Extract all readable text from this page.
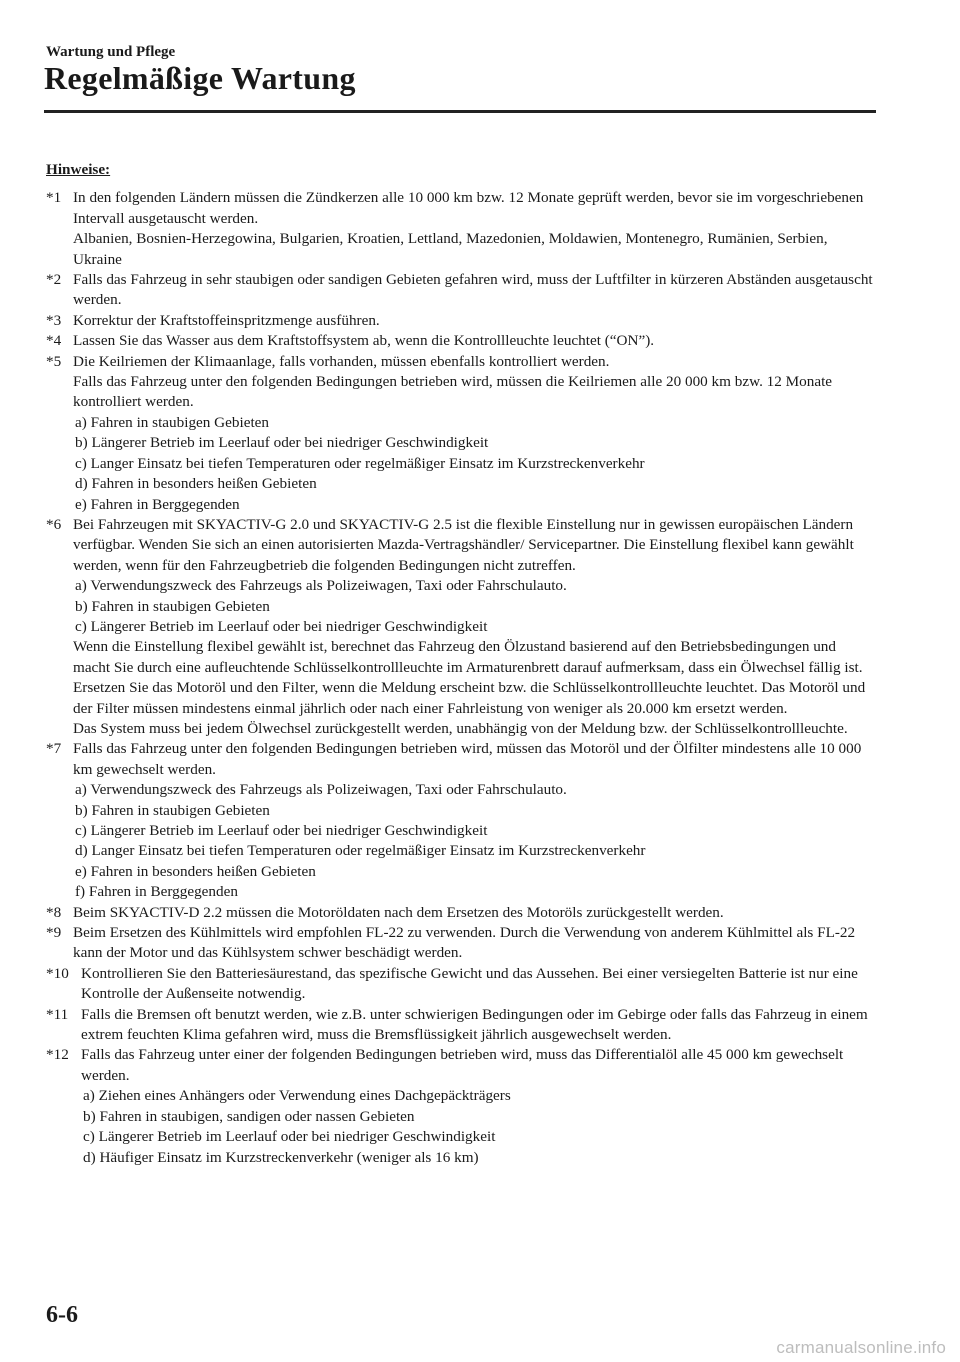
Wartung und Pflege
Regelmäßige Wartung
Hinweise:
*1 In den folgenden Ländern müssen die Zündkerzen alle 10 000 km bzw. 12 Monate geprüft werden, bevor sie im vorgeschriebenen Intervall ausgetauscht werden.
Albanien, Bosnien-Herzegowina, Bulgarien, Kroatien, Lettland, Mazedonien, Moldawien, Montenegro, Rumänien, Serbien, Ukraine
*2 Falls das Fahrzeug in sehr staubigen oder sandigen Gebieten gefahren wird, muss der Luftfilter in kürzeren Abständen ausgetauscht werden.
*3 Korrektur der Kraftstoffeinspritzmenge ausführen.
*4 Lassen Sie das Wasser aus dem Kraftstoffsystem ab, wenn die Kontrollleuchte leuchtet (“ON”).
*5 Die Keilriemen der Klimaanlage, falls vorhanden, müssen ebenfalls kontrolliert werden.
Falls das Fahrzeug unter den folgenden Bedingungen betrieben wird, müssen die Keilriemen alle 20 000 km bzw. 12 Monate kontrolliert werden.
a) Fahren in staubigen Gebieten
b) Längerer Betrieb im Leerlauf oder bei niedriger Geschwindigkeit
c) Langer Einsatz bei tiefen Temperaturen oder regelmäßiger Einsatz im Kurzstreckenverkehr
d) Fahren in besonders heißen Gebieten
e) Fahren in Berggegenden
*6 Bei Fahrzeugen mit SKYACTIV-G 2.0 und SKYACTIV-G 2.5 ist die flexible Einstellung nur in gewissen europäischen Ländern verfügbar. Wenden Sie sich an einen autorisierten Mazda-Vertragshändler/ Servicepartner. Die Einstellung flexibel kann gewählt werden, wenn für den Fahrzeugbetrieb die folgenden Bedingungen nicht zutreffen.
a) Verwendungszweck des Fahrzeugs als Polizeiwagen, Taxi oder Fahrschulauto.
b) Fahren in staubigen Gebieten
c) Längerer Betrieb im Leerlauf oder bei niedriger Geschwindigkeit
Wenn die Einstellung flexibel gewählt ist, berechnet das Fahrzeug den Ölzustand basierend auf den Betriebsbedingungen und macht Sie durch eine aufleuchtende Schlüsselkontrollleuchte im Armaturenbrett darauf aufmerksam, dass ein Ölwechsel fällig ist.
Ersetzen Sie das Motoröl und den Filter, wenn die Meldung erscheint bzw. die Schlüsselkontrollleuchte leuchtet. Das Motoröl und der Filter müssen mindestens einmal jährlich oder nach einer Fahrleistung von weniger als 20.000 km ersetzt werden.
Das System muss bei jedem Ölwechsel zurückgestellt werden, unabhängig von der Meldung bzw. der Schlüsselkontrollleuchte.
*7 Falls das Fahrzeug unter den folgenden Bedingungen betrieben wird, müssen das Motoröl und der Ölfilter mindestens alle 10 000 km gewechselt werden.
a) Verwendungszweck des Fahrzeugs als Polizeiwagen, Taxi oder Fahrschulauto.
b) Fahren in staubigen Gebieten
c) Längerer Betrieb im Leerlauf oder bei niedriger Geschwindigkeit
d) Langer Einsatz bei tiefen Temperaturen oder regelmäßiger Einsatz im Kurzstreckenverkehr
e) Fahren in besonders heißen Gebieten
f) Fahren in Berggegenden
*8 Beim SKYACTIV-D 2.2 müssen die Motoröldaten nach dem Ersetzen des Motoröls zurückgestellt werden.
*9 Beim Ersetzen des Kühlmittels wird empfohlen FL-22 zu verwenden. Durch die Verwendung von anderem Kühlmittel als FL-22 kann der Motor und das Kühlsystem schwer beschädigt werden.
*10 Kontrollieren Sie den Batteriesäurestand, das spezifische Gewicht und das Aussehen. Bei einer versiegelten Batterie ist nur eine Kontrolle der Außenseite notwendig.
*11 Falls die Bremsen oft benutzt werden, wie z.B. unter schwierigen Bedingungen oder im Gebirge oder falls das Fahrzeug in einem extrem feuchten Klima gefahren wird, muss die Bremsflüssigkeit jährlich ausgewechselt werden.
*12 Falls das Fahrzeug unter einer der folgenden Bedingungen betrieben wird, muss das Differentialöl alle 45 000 km gewechselt werden.
a) Ziehen eines Anhängers oder Verwendung eines Dachgepäckträgers
b) Fahren in staubigen, sandigen oder nassen Gebieten
c) Längerer Betrieb im Leerlauf oder bei niedriger Geschwindigkeit
d) Häufiger Einsatz im Kurzstreckenverkehr (weniger als 16 km)
6-6
carmanualsonline.info
